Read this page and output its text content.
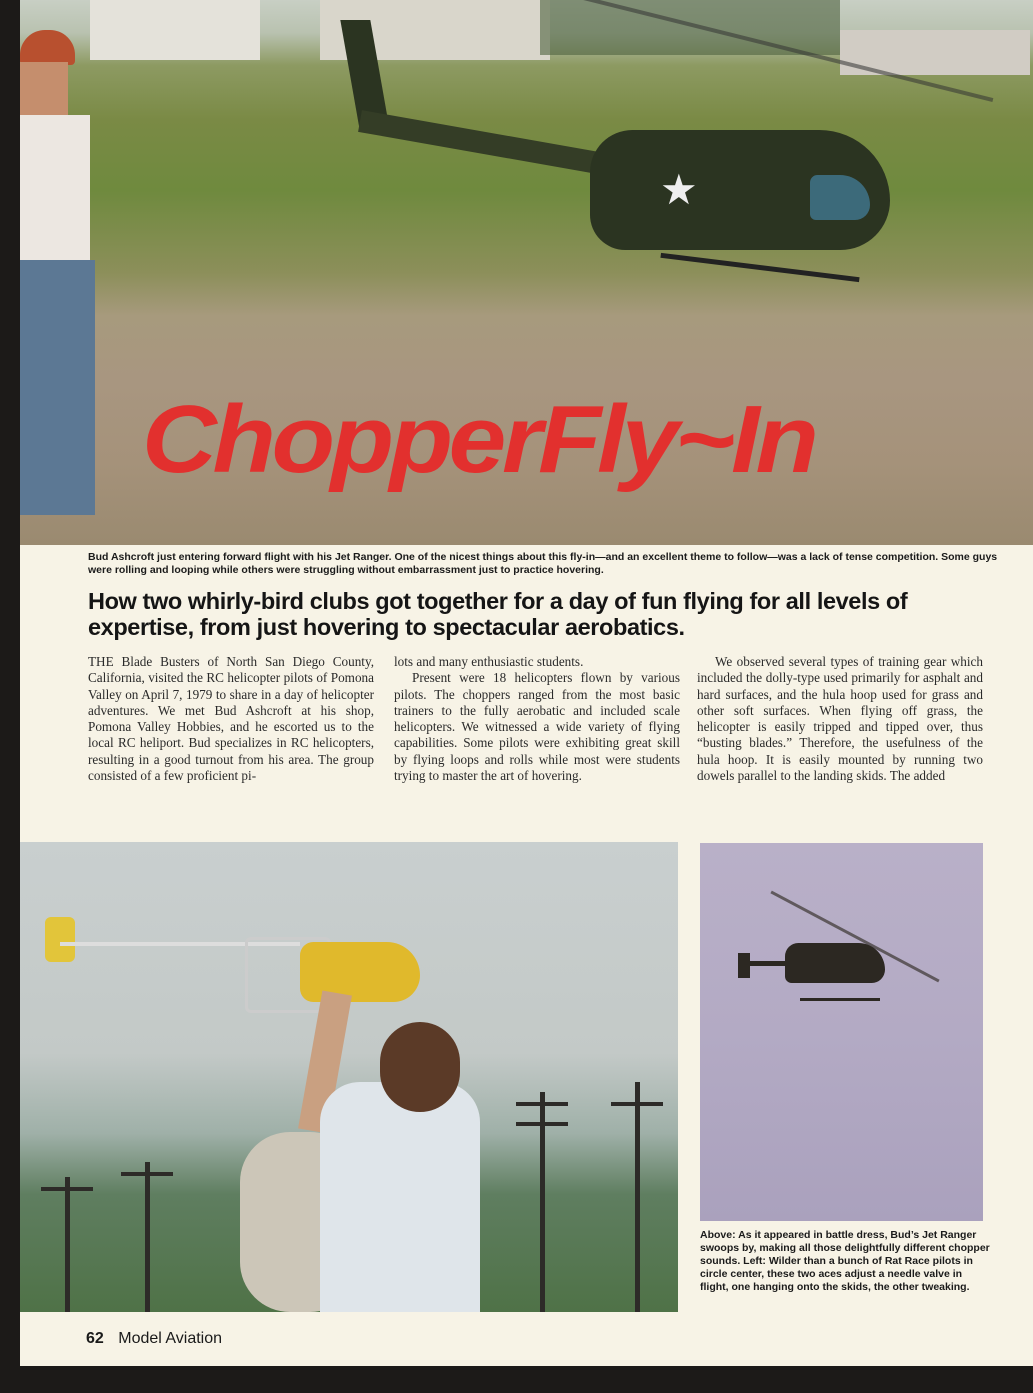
★
ChopperFly~In
Bud Ashcroft just entering forward flight with his Jet Ranger. One of the nicest things about this fly-in—and an excellent theme to follow—was a lack of tense competition. Some guys were rolling and looping while others were struggling without embarrassment just to practice hovering.
How two whirly-bird clubs got together for a day of fun flying for all levels of expertise, from just hovering to spectacular aerobatics.

THE Blade Busters of North San Diego County, California, visited the RC helicopter pilots of Pomona Valley on April 7, 1979 to share in a day of helicopter adventures. We met Bud Ashcroft at his shop, Pomona Valley Hobbies, and he escorted us to the local RC heliport. Bud specializes in RC helicopters, resulting in a good turnout from his area. The group consisted of a few proficient pi-

lots and many enthusiastic students.

Present were 18 helicopters flown by various pilots. The choppers ranged from the most basic trainers to the fully aerobatic and included scale helicopters. We witnessed a wide variety of flying capabilities. Some pilots were exhibiting great skill by flying loops and rolls while most were students trying to master the art of hovering.

We observed several types of training gear which included the dolly-type used primarily for asphalt and hard surfaces, and the hula hoop used for grass and other soft surfaces. When flying off grass, the helicopter is easily tripped and tipped over, thus “busting blades.” Therefore, the usefulness of the hula hoop. It is easily mounted by running two dowels parallel to the landing skids. The added

Above: As it appeared in battle dress, Bud’s Jet Ranger swoops by, making all those delightfully different chopper sounds. Left: Wilder than a bunch of Rat Race pilots in circle center, these two aces adjust a needle valve in flight, one hanging onto the skids, the other tweaking.
62 Model Aviation
